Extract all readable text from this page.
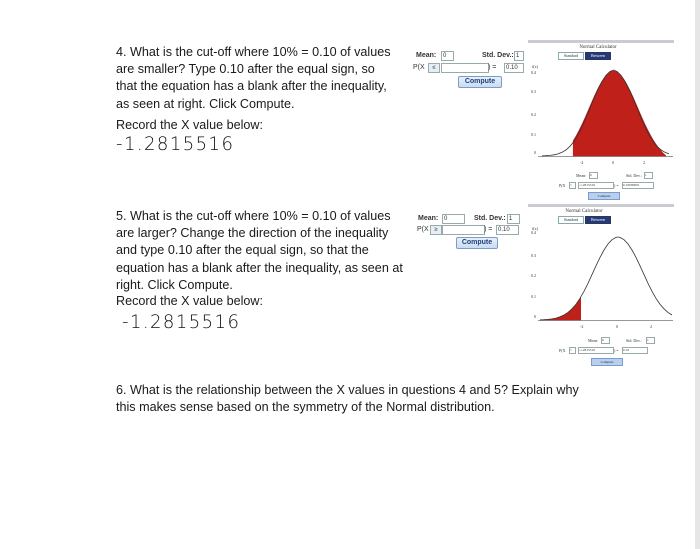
4. What is the cut-off where 10% = 0.10 of values are smaller? Type 0.10 after the equal sign, so that the equation has a blank after the inequality, as seen at right. Click Compute.
Record the X value below:
-1.2815516
Mean:	0	Std. Dev.: 1
P(X	≤	) =	0.10
Compute
Normal Calculator
Standard	Between
f(x)
0.4
0.3
0.2
0.1
0
-2	0	2
Mean: 0	Std. Dev.: 1
P(X ≤	-1.2815516	) = 0.10000001
Compute
5. What is the cut-off where 10% = 0.10 of values are larger? Change the direction of the inequality and type 0.10 after the equal sign, so that the equation has a blank after the inequality, as seen at right. Click Compute.
Record the X value below:
-1.2815516
Mean: 0	Std. Dev.: 1
P(X ≥	) = 0.10
Compute
Normal Calculator
Standard	Between
f(x)
0.4
0.3
0.2
0.1
0
-2	0	2
Mean: 0	Std. Dev.: 1
P(X ≤	-1.2815516	) = 0.10
Compute
6. What is the relationship between the X values in questions 4 and 5? Explain why this makes sense based on the symmetry of the Normal distribution.
